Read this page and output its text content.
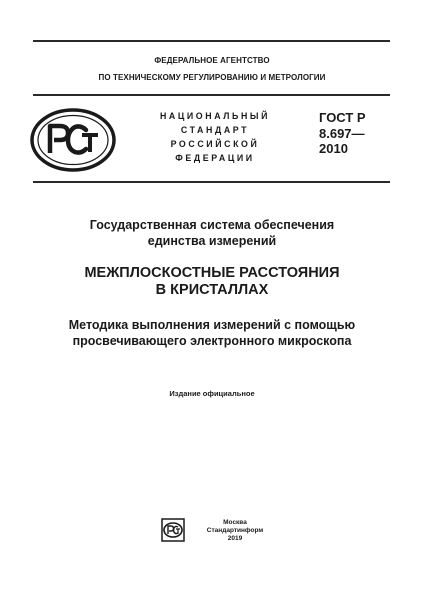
ФЕДЕРАЛЬНОЕ АГЕНТСТВО
ПО ТЕХНИЧЕСКОМУ РЕГУЛИРОВАНИЮ И МЕТРОЛОГИИ
НАЦИОНАЛЬНЫЙ
СТАНДАРТ
РОССИЙСКОЙ
ФЕДЕРАЦИИ
ГОСТ Р
8.697—
2010
Государственная система обеспечения
единства измерений
МЕЖПЛОСКОСТНЫЕ РАССТОЯНИЯ
В КРИСТАЛЛАХ
Методика выполнения измерений с помощью
просвечивающего электронного микроскопа
Издание официальное
Москва
Стандартинформ
2019
